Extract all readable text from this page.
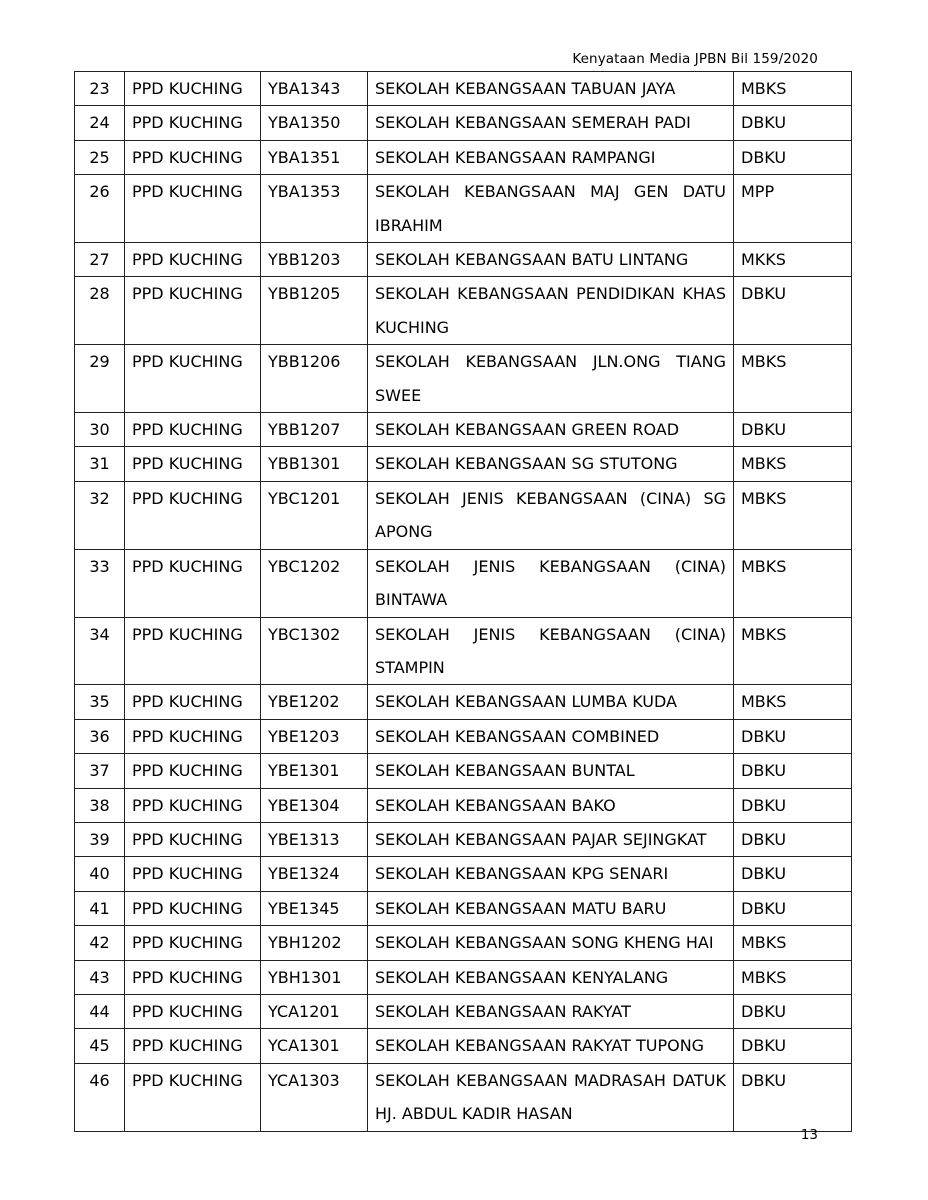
Kenyataan Media JPBN Bil 159/2020
23	PPD KUCHING	YBA1343	SEKOLAH KEBANGSAAN TABUAN JAYA	MBKS
24	PPD KUCHING	YBA1350	SEKOLAH KEBANGSAAN SEMERAH PADI	DBKU
25	PPD KUCHING	YBA1351	SEKOLAH KEBANGSAAN RAMPANGI	DBKU
26	PPD KUCHING	YBA1353	SEKOLAH KEBANGSAAN MAJ GEN DATU IBRAHIM	MPP
27	PPD KUCHING	YBB1203	SEKOLAH KEBANGSAAN BATU LINTANG	MKKS
28	PPD KUCHING	YBB1205	SEKOLAH KEBANGSAAN PENDIDIKAN KHAS KUCHING	DBKU
29	PPD KUCHING	YBB1206	SEKOLAH KEBANGSAAN JLN.ONG TIANG SWEE	MBKS
30	PPD KUCHING	YBB1207	SEKOLAH KEBANGSAAN GREEN ROAD	DBKU
31	PPD KUCHING	YBB1301	SEKOLAH KEBANGSAAN SG STUTONG	MBKS
32	PPD KUCHING	YBC1201	SEKOLAH JENIS KEBANGSAAN (CINA) SG APONG	MBKS
33	PPD KUCHING	YBC1202	SEKOLAH JENIS KEBANGSAAN (CINA) BINTAWA	MBKS
34	PPD KUCHING	YBC1302	SEKOLAH JENIS KEBANGSAAN (CINA) STAMPIN	MBKS
35	PPD KUCHING	YBE1202	SEKOLAH KEBANGSAAN LUMBA KUDA	MBKS
36	PPD KUCHING	YBE1203	SEKOLAH KEBANGSAAN COMBINED	DBKU
37	PPD KUCHING	YBE1301	SEKOLAH KEBANGSAAN BUNTAL	DBKU
38	PPD KUCHING	YBE1304	SEKOLAH KEBANGSAAN BAKO	DBKU
39	PPD KUCHING	YBE1313	SEKOLAH KEBANGSAAN PAJAR SEJINGKAT	DBKU
40	PPD KUCHING	YBE1324	SEKOLAH KEBANGSAAN KPG SENARI	DBKU
41	PPD KUCHING	YBE1345	SEKOLAH KEBANGSAAN MATU BARU	DBKU
42	PPD KUCHING	YBH1202	SEKOLAH KEBANGSAAN SONG KHENG HAI	MBKS
43	PPD KUCHING	YBH1301	SEKOLAH KEBANGSAAN KENYALANG	MBKS
44	PPD KUCHING	YCA1201	SEKOLAH KEBANGSAAN RAKYAT	DBKU
45	PPD KUCHING	YCA1301	SEKOLAH KEBANGSAAN RAKYAT TUPONG	DBKU
46	PPD KUCHING	YCA1303	SEKOLAH KEBANGSAAN MADRASAH DATUK HJ. ABDUL KADIR HASAN	DBKU
13
